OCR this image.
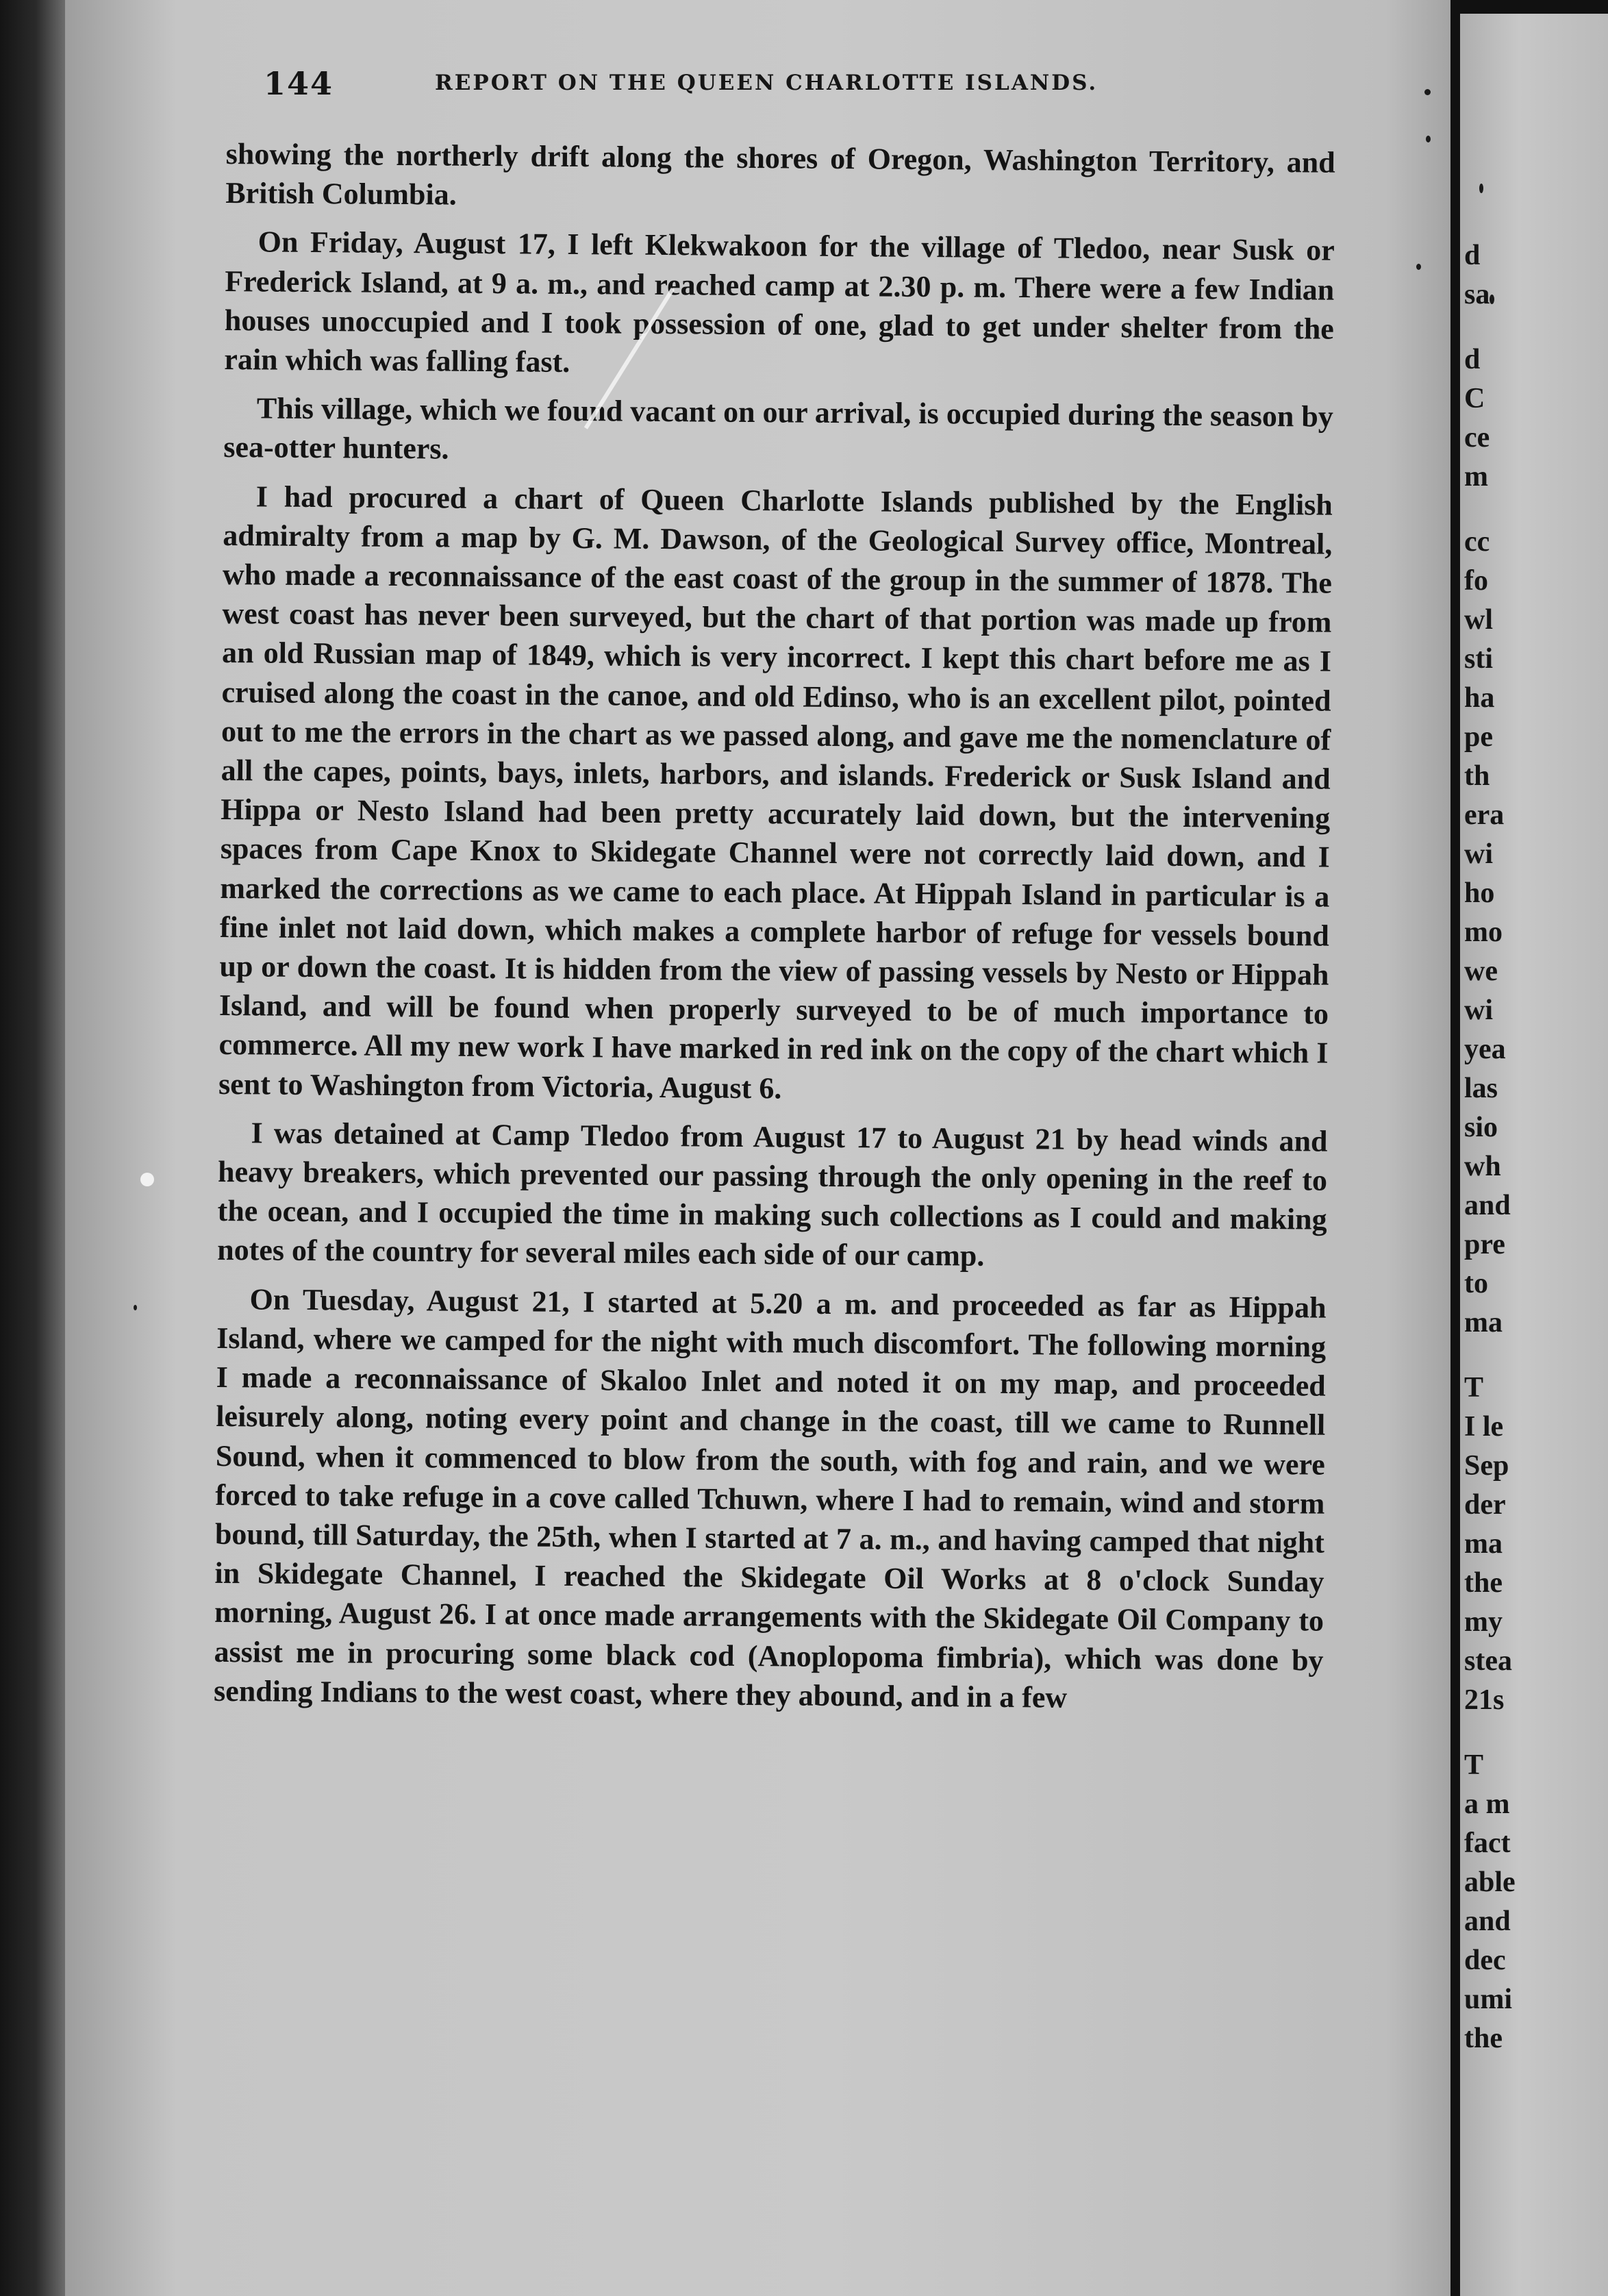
144	REPORT ON THE QUEEN CHARLOTTE ISLANDS.

showing the northerly drift along the shores of Oregon, Washington Territory, and British Columbia.

On Friday, August 17, I left Klekwakoon for the village of Tledoo, near Susk or Frederick Island, at 9 a. m., and reached camp at 2.30 p. m. There were a few Indian houses unoccupied and I took possession of one, glad to get under shelter from the rain which was falling fast.

This village, which we found vacant on our arrival, is occupied during the season by sea-otter hunters.

I had procured a chart of Queen Charlotte Islands published by the English admiralty from a map by G. M. Dawson, of the Geological Survey office, Montreal, who made a reconnaissance of the east coast of the group in the summer of 1878. The west coast has never been surveyed, but the chart of that portion was made up from an old Russian map of 1849, which is very incorrect. I kept this chart before me as I cruised along the coast in the canoe, and old Edinso, who is an excellent pilot, pointed out to me the errors in the chart as we passed along, and gave me the nomenclature of all the capes, points, bays, inlets, harbors, and islands. Frederick or Susk Island and Hippa or Nesto Island had been pretty accurately laid down, but the intervening spaces from Cape Knox to Skidegate Channel were not correctly laid down, and I marked the corrections as we came to each place. At Hippah Island in particular is a fine inlet not laid down, which makes a complete harbor of refuge for vessels bound up or down the coast. It is hidden from the view of passing vessels by Nesto or Hippah Island, and will be found when properly surveyed to be of much importance to commerce. All my new work I have marked in red ink on the copy of the chart which I sent to Washington from Victoria, August 6.

I was detained at Camp Tledoo from August 17 to August 21 by head winds and heavy breakers, which prevented our passing through the only opening in the reef to the ocean, and I occupied the time in making such collections as I could and making notes of the country for several miles each side of our camp.

On Tuesday, August 21, I started at 5.20 a m. and proceeded as far as Hippah Island, where we camped for the night with much discomfort. The following morning I made a reconnaissance of Skaloo Inlet and noted it on my map, and proceeded leisurely along, noting every point and change in the coast, till we came to Runnell Sound, when it commenced to blow from the south, with fog and rain, and we were forced to take refuge in a cove called Tchuwn, where I had to remain, wind and storm bound, till Saturday, the 25th, when I started at 7 a. m., and having camped that night in Skidegate Channel, I reached the Skidegate Oil Works at 8 o'clock Sunday morning, August 26. I at once made arrangements with the Skidegate Oil Company to assist me in procuring some black cod (Anoplopoma fimbria), which was done by sending Indians to the west coast, where they abound, and in a few

d
sa
d
C
ce
m
cc
fo
wl
sti
ha
pe
th
era
wi
ho
mo
we
wi
yea
las
sio
wh
and
pre
to
ma
T
I le
Sep
der
ma
the
my
stea
21s
T
a m
fact
able
and
dec
umi
the
